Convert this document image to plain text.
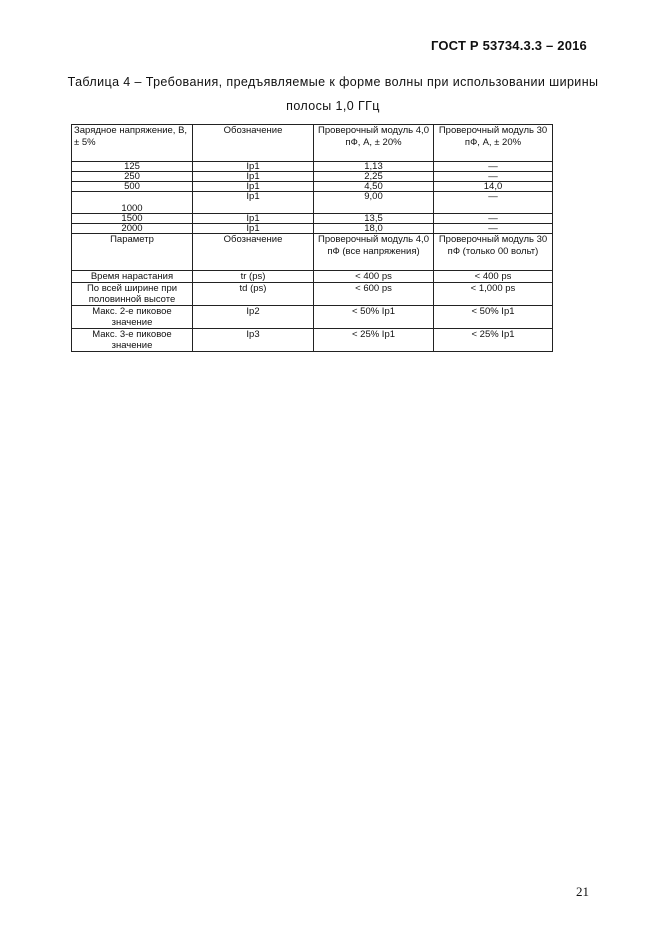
ГОСТ Р 53734.3.3 – 2016
Таблица 4 – Требования, предъявляемые к форме волны при использовании ширины
полосы 1,0 ГГц
Зарядное напряжение, В, ± 5%	Обозначение	Проверочный модуль 4,0 пФ, А, ± 20%	Проверочный модуль 30 пФ, А, ± 20%
125	Ip1	1,13	—
250	Ip1	2,25	—
500	Ip1	4,50	14,0
1000	Ip1	9,00	—
1500	Ip1	13,5	—
2000	Ip1	18,0	—
Параметр	Обозначение	Проверочный модуль 4,0 пФ (все напряжения)	Проверочный модуль 30 пФ (только 00 вольт)
Время нарастания	tr (ps)	< 400 ps	< 400 ps
По всей ширине при половинной высоте	td (ps)	< 600 ps	< 1,000 ps
Макс. 2-е пиковое значение	Ip2	< 50% Ip1	< 50% Ip1
Макс. 3-е пиковое значение	Ip3	< 25% Ip1	< 25% Ip1
21
